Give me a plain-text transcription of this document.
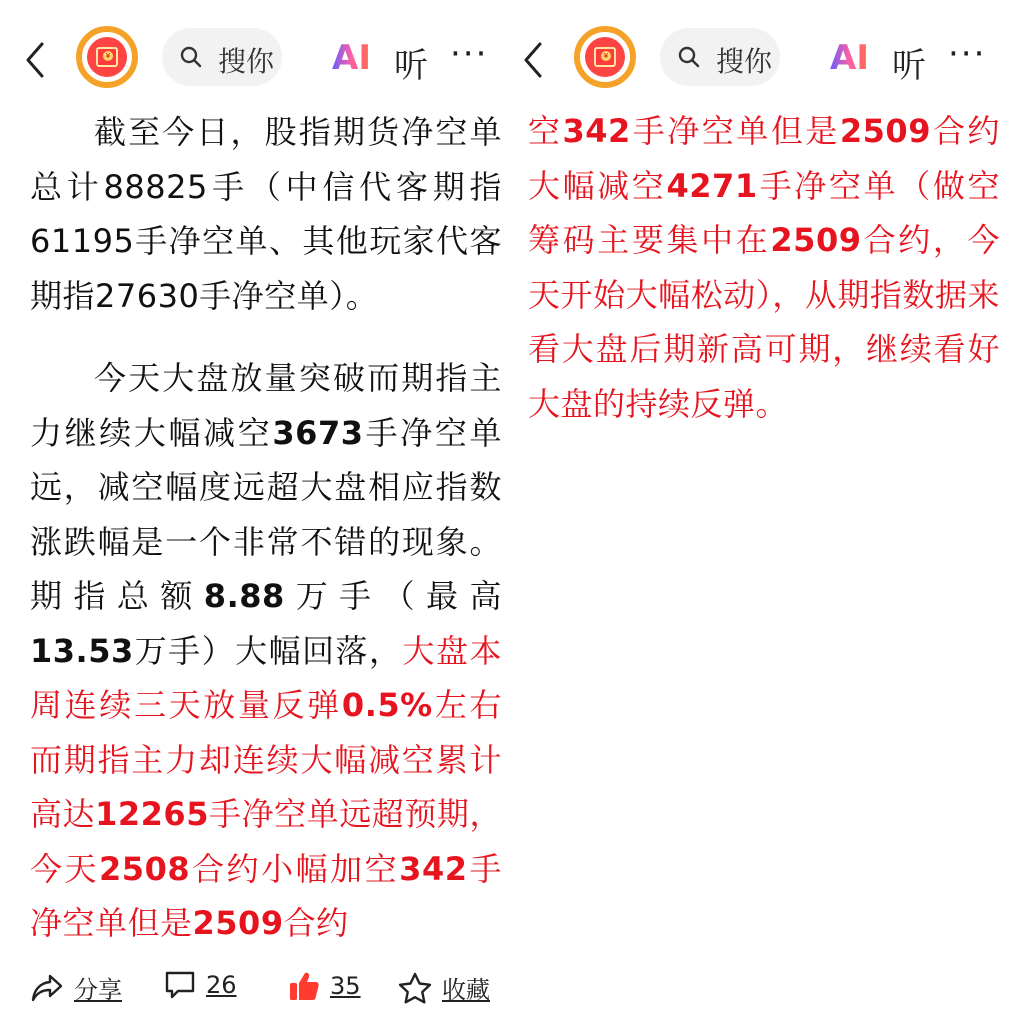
¥	搜你 AI 听 ···

截至今日，股指期货净空单总计88825手（中信代客期指61195手净空单、其他玩家代客期指27630手净空单）。

今天大盘放量突破而期指主力继续大幅减空3673手净空单远，减空幅度远超大盘相应指数涨跌幅是一个非常不错的现象。期指总额8.88万手（最高13.53万手）大幅回落，大盘本周连续三天放量反弹0.5%左右而期指主力却连续大幅减空累计高达12265手净空单远超预期，今天2508合约小幅加空342手净空单但是2509合约

分享	26	35	收藏
¥	搜你 AI 听 ···

空342手净空单但是2509合约大幅减空4271手净空单（做空筹码主要集中在2509合约，今天开始大幅松动），从期指数据来看大盘后期新高可期，继续看好大盘的持续反弹。
